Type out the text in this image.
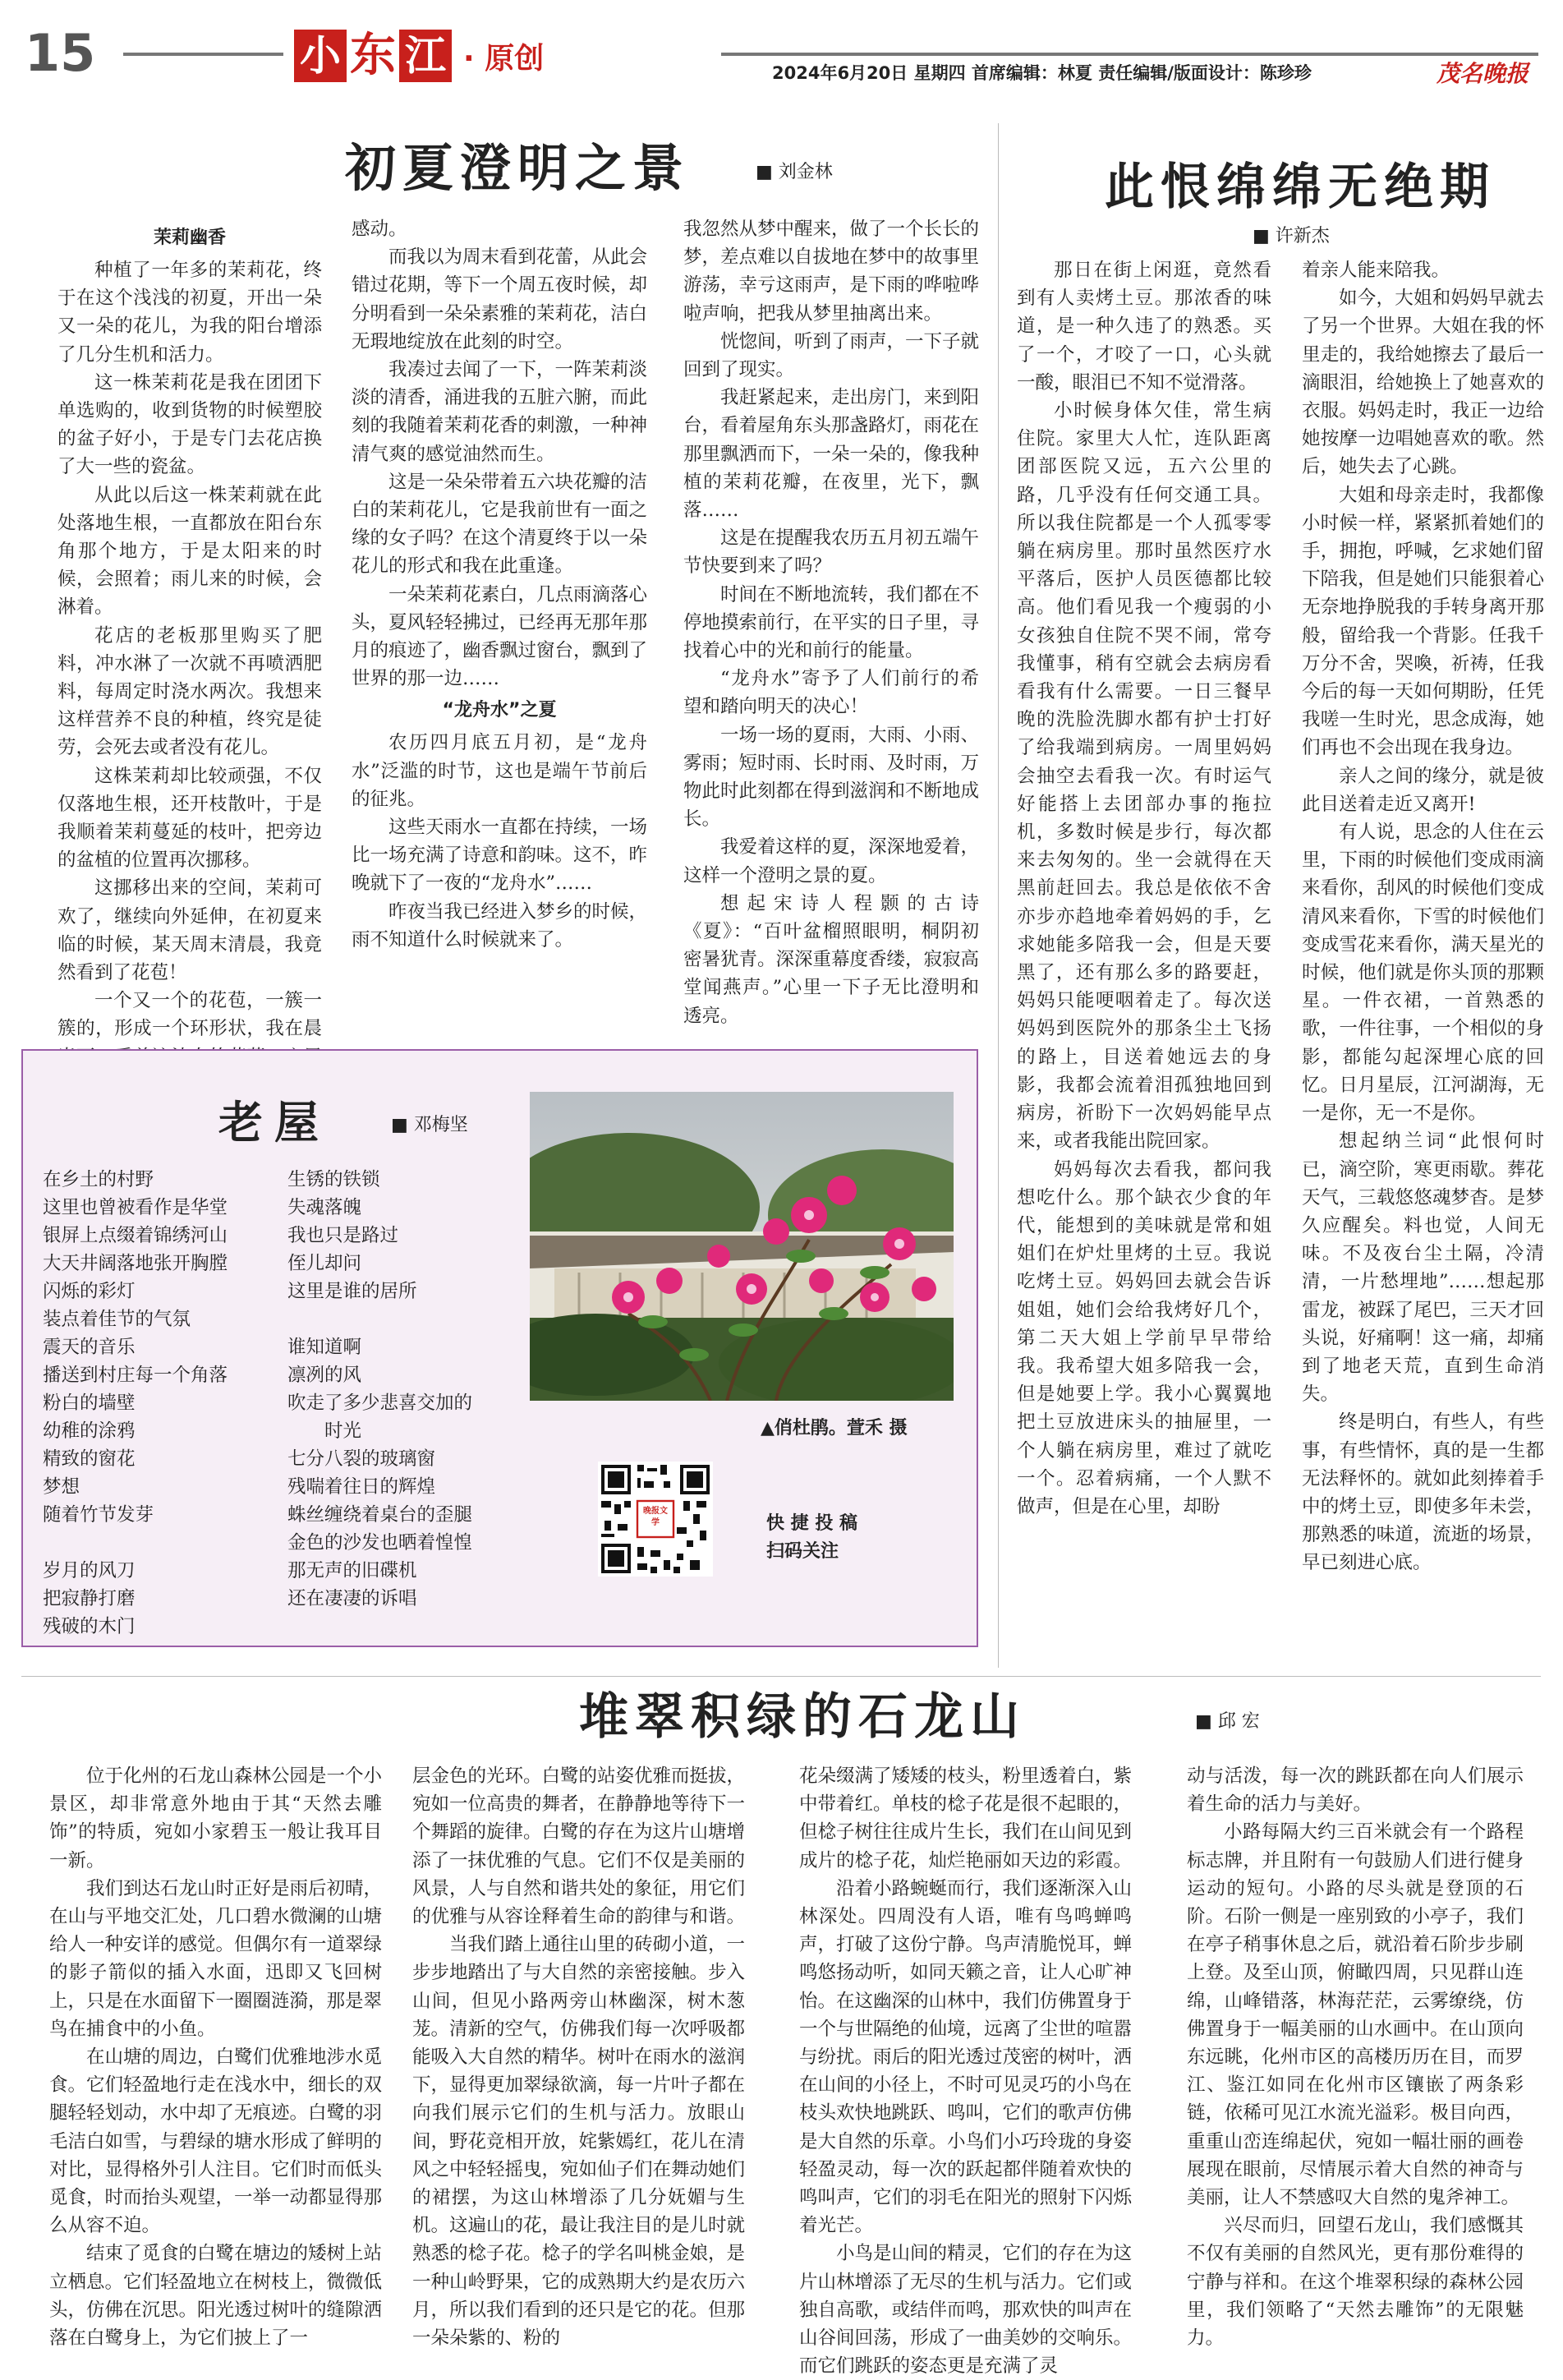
15	小 东 江 · 原创	2024年6月20日 星期四 首席编辑：林夏 责任编辑/版面设计：陈珍珍	茂名晚报
初夏澄明之景	■ 刘金林
茉莉幽香

种植了一年多的茉莉花，终于在这个浅浅的初夏，开出一朵又一朵的花儿，为我的阳台增添了几分生机和活力。

这一株茉莉花是我在团团下单选购的，收到货物的时候塑胶的盆子好小，于是专门去花店换了大一些的瓷盆。

从此以后这一株茉莉就在此处落地生根，一直都放在阳台东角那个地方，于是太阳来的时候，会照着；雨儿来的时候，会淋着。

花店的老板那里购买了肥料，冲水淋了一次就不再喷洒肥料，每周定时浇水两次。我想来这样营养不良的种植，终究是徒劳，会死去或者没有花儿。

这株茉莉却比较顽强，不仅仅落地生根，还开枝散叶，于是我顺着茉莉蔓延的枝叶，把旁边的盆植的位置再次挪移。

这挪移出来的空间，茉莉可欢了，继续向外延伸，在初夏来临的时候，某天周末清晨，我竟然看到了花苞！

一个又一个的花苞，一簇一簇的，形成一个环形状，我在晨

感动。

而我以为周末看到花蕾，从此会错过花期，等下一个周五夜时候，却分明看到一朵朵素雅的茉莉花，洁白无瑕地绽放在此刻的时空。

我凑过去闻了一下，一阵茉莉淡淡的清香，涌进我的五脏六腑，而此刻的我随着茉莉花香的刺激，一种神清气爽的感觉油然而生。

这是一朵朵带着五六块花瓣的洁白的茉莉花儿，它是我前世有一面之缘的女子吗？在这个清夏终于以一朵花儿的形式和我在此重逢。

一朵茉莉花素白，几点雨滴落心头，夏风轻轻拂过，已经再无那年那月的痕迹了，幽香飘过窗台，飘到了世界的那一边……

“龙舟水”之夏

农历四月底五月初，是“龙舟水”泛滥的时节，这也是端午节前后的征兆。

这些天雨水一直都在持续，一场比一场充满了诗意和韵味。这不，昨晚就下了一夜的“龙舟水”……

昨夜当我已经进入梦乡的时候，雨不知道什么时候就来了。

我忽然从梦中醒来，做了一个长长的梦，差点难以自拔地在梦中的故事里游荡，幸亏这雨声，是下雨的哗啦哗啦声响，把我从梦里抽离出来。

恍惚间，听到了雨声，一下子就回到了现实。

我赶紧起来，走出房门，来到阳台，看着屋角东头那盏路灯，雨花在那里飘洒而下，一朵一朵的，像我种植的茉莉花瓣，在夜里，光下，飘落……

这是在提醒我农历五月初五端午节快要到来了吗？

时间在不断地流转，我们都在不停地摸索前行，在平实的日子里，寻找着心中的光和前行的能量。

“龙舟水”寄予了人们前行的希望和踏向明天的决心！

一场一场的夏雨，大雨、小雨、雾雨；短时雨、长时雨、及时雨，万物此时此刻都在得到滋润和不断地成长。

我爱着这样的夏，深深地爱着，这样一个澄明之景的夏。

想起宋诗人程颢的古诗《夏》：“百叶盆榴照眼明，桐阴初密暑犹青。深深重幕度香缕，寂寂高堂闻燕声。”心里一下子无比澄明和透亮。

此恨绵绵无绝期
■ 许新杰

那日在街上闲逛，竟然看到有人卖烤土豆。那浓香的味道，是一种久违了的熟悉。买了一个，才咬了一口，心头就一酸，眼泪已不知不觉滑落。

小时候身体欠佳，常生病住院。家里大人忙，连队距离团部医院又远，五六公里的路，几乎没有任何交通工具。所以我住院都是一个人孤零零躺在病房里。那时虽然医疗水平落后，医护人员医德都比较高。他们看见我一个瘦弱的小女孩独自住院不哭不闹，常夸我懂事，稍有空就会去病房看看我有什么需要。一日三餐早晚的洗脸洗脚水都有护士打好了给我端到病房。一周里妈妈会抽空去看我一次。有时运气好能搭上去团部办事的拖拉机，多数时候是步行，每次都来去匆匆的。坐一会就得在天黑前赶回去。我总是依依不舍亦步亦趋地牵着妈妈的手，乞求她能多陪我一会，但是天要黑了，还有那么多的路要赶，妈妈只能哽咽着走了。每次送妈妈到医院外的那条尘土飞扬的路上，目送着她远去的身影，我都会流着泪孤独地回到病房，祈盼下一次妈妈能早点来，或者我能出院回家。

妈妈每次去看我，都问我想吃什么。那个缺衣少食的年代，能想到的美味就是常和姐姐们在炉灶里烤的土豆。我说吃烤土豆。妈妈回去就会告诉姐姐，她们会给我烤好几个，第二天大姐上学前早早带给我。我希望大姐多陪我一会，但是她要上学。我小心翼翼地把土豆放进床头的抽屉里，一个人躺在病房里，难过了就吃一个。忍着病痛，一个人默不做声，但是在心里，却盼

着亲人能来陪我。

如今，大姐和妈妈早就去了另一个世界。大姐在我的怀里走的，我给她擦去了最后一滴眼泪，给她换上了她喜欢的衣服。妈妈走时，我正一边给她按摩一边唱她喜欢的歌。然后，她失去了心跳。

大姐和母亲走时，我都像小时候一样，紧紧抓着她们的手，拥抱，呼喊，乞求她们留下陪我，但是她们只能狠着心无奈地挣脱我的手转身离开那般，留给我一个背影。任我千万分不舍，哭喚，祈祷，任我今后的每一天如何期盼，任凭我嗟一生时光，思念成海，她们再也不会出现在我身边。

亲人之间的缘分，就是彼此目送着走近又离开!

有人说，思念的人住在云里，下雨的时候他们变成雨滴来看你，刮风的时候他们变成清风来看你，下雪的时候他们变成雪花来看你，满天星光的时候，他们就是你头顶的那颗星。一件衣裙，一首熟悉的歌，一件往事，一个相似的身影，都能勾起深埋心底的回忆。日月星辰，江河湖海，无一是你，无一不是你。

想起纳兰词“此恨何时已，滴空阶，寒更雨歇。葬花天气，三载悠悠魂梦杳。是梦久应醒矣。料也觉，人间无味。不及夜台尘土隔，冷清清，一片愁埋地”……想起那雷龙，被踩了尾巴，三天才回头说，好痛啊！这一痛，却痛到了地老天荒，直到生命消失。

终是明白，有些人，有些事，有些情怀，真的是一生都无法释怀的。就如此刻捧着手中的烤土豆，即使多年未尝，那熟悉的味道，流逝的场景，早已刻进心底。

老屋	■ 邓梅坚
在乡土的村野
这里也曾被看作是华堂
银屏上点缀着锦绣河山
大天井阔落地张开胸膛
闪烁的彩灯
装点着佳节的气氛
震天的音乐
播送到村庄每一个角落
粉白的墙壁
幼稚的涂鸦
精致的窗花
梦想
随着竹节发芽
岁月的风刀
把寂静打磨
残破的木门
生锈的铁锁
失魂落魄
我也只是路过
侄儿却问
这里是谁的居所
谁知道啊
凛冽的风
吹走了多少悲喜交加的
时光
七分八裂的玻璃窗
残喘着往日的辉煌
蛛丝缠绕着桌台的歪腿
金色的沙发也晒着惶惶
那无声的旧碟机
还在凄凄的诉唱
▲俏杜鹃。萱禾 摄
晚报文学	快 捷 投 稿
扫码关注
堆翠积绿的石龙山	■ 邱 宏

位于化州的石龙山森林公园是一个小景区，却非常意外地由于其“天然去雕饰”的特质，宛如小家碧玉一般让我耳目一新。

我们到达石龙山时正好是雨后初晴，在山与平地交汇处，几口碧水微澜的山塘给人一种安详的感觉。但偶尔有一道翠绿的影子箭似的插入水面，迅即又飞回树上，只是在水面留下一圈圈涟漪，那是翠鸟在捕食中的小鱼。

在山塘的周边，白鹭们优雅地涉水觅食。它们轻盈地行走在浅水中，细长的双腿轻轻划动，水中却了无痕迹。白鹭的羽毛洁白如雪，与碧绿的塘水形成了鲜明的对比，显得格外引人注目。它们时而低头觅食，时而抬头观望，一举一动都显得那么从容不迫。

结束了觅食的白鹭在塘边的矮树上站立栖息。它们轻盈地立在树枝上，微微低头，仿佛在沉思。阳光透过树叶的缝隙洒落在白鹭身上，为它们披上了一

层金色的光环。白鹭的站姿优雅而挺拔，宛如一位高贵的舞者，在静静地等待下一个舞蹈的旋律。白鹭的存在为这片山塘增添了一抹优雅的气息。它们不仅是美丽的风景，人与自然和谐共处的象征，用它们的优雅与从容诠释着生命的韵律与和谐。

当我们踏上通往山里的砖砌小道，一步步地踏出了与大自然的亲密接触。步入山间，但见小路两旁山林幽深，树木葱茏。清新的空气，仿佛我们每一次呼吸都能吸入大自然的精华。树叶在雨水的滋润下，显得更加翠绿欲滴，每一片叶子都在向我们展示它们的生机与活力。放眼山间，野花竞相开放，姹紫嫣红，花儿在清风之中轻轻摇曳，宛如仙子们在舞动她们的裙摆，为这山林增添了几分妩媚与生机。这遍山的花，最让我注目的是儿时就熟悉的棯子花。棯子的学名叫桃金娘，是一种山岭野果，它的成熟期大约是农历六月，所以我们看到的还只是它的花。但那一朵朵紫的、粉的

花朵缀满了矮矮的枝头，粉里透着白，紫中带着红。单枝的棯子花是很不起眼的，但棯子树往往成片生长，我们在山间见到成片的棯子花，灿烂艳丽如天边的彩霞。

沿着小路蜿蜒而行，我们逐渐深入山林深处。四周没有人语，唯有鸟鸣蝉鸣声，打破了这份宁静。鸟声清脆悦耳，蝉鸣悠扬动听，如同天籁之音，让人心旷神怡。在这幽深的山林中，我们仿佛置身于一个与世隔绝的仙境，远离了尘世的喧嚣与纷扰。雨后的阳光透过茂密的树叶，洒在山间的小径上，不时可见灵巧的小鸟在枝头欢快地跳跃、鸣叫，它们的歌声仿佛是大自然的乐章。小鸟们小巧玲珑的身姿轻盈灵动，每一次的跃起都伴随着欢快的鸣叫声，它们的羽毛在阳光的照射下闪烁着光芒。

小鸟是山间的精灵，它们的存在为这片山林增添了无尽的生机与活力。它们或独自高歌，或结伴而鸣，那欢快的叫声在山谷间回荡，形成了一曲美妙的交响乐。而它们跳跃的姿态更是充满了灵

动与活泼，每一次的跳跃都在向人们展示着生命的活力与美好。

小路每隔大约三百米就会有一个路程标志牌，并且附有一句鼓励人们进行健身运动的短句。小路的尽头就是登顶的石阶。石阶一侧是一座别致的小亭子，我们在亭子稍事休息之后，就沿着石阶步步刷上登。及至山顶，俯瞰四周，只见群山连绵，山峰错落，林海茫茫，云雾缭绕，仿佛置身于一幅美丽的山水画中。在山顶向东远眺，化州市区的高楼历历在目，而罗江、鉴江如同在化州市区镶嵌了两条彩链，依稀可见江水流光溢彩。极目向西，重重山峦连绵起伏，宛如一幅壮丽的画卷展现在眼前，尽情展示着大自然的神奇与美丽，让人不禁感叹大自然的鬼斧神工。

兴尽而归，回望石龙山，我们感慨其不仅有美丽的自然风光，更有那份难得的宁静与祥和。在这个堆翠积绿的森林公园里，我们领略了“天然去雕饰”的无限魅力。
